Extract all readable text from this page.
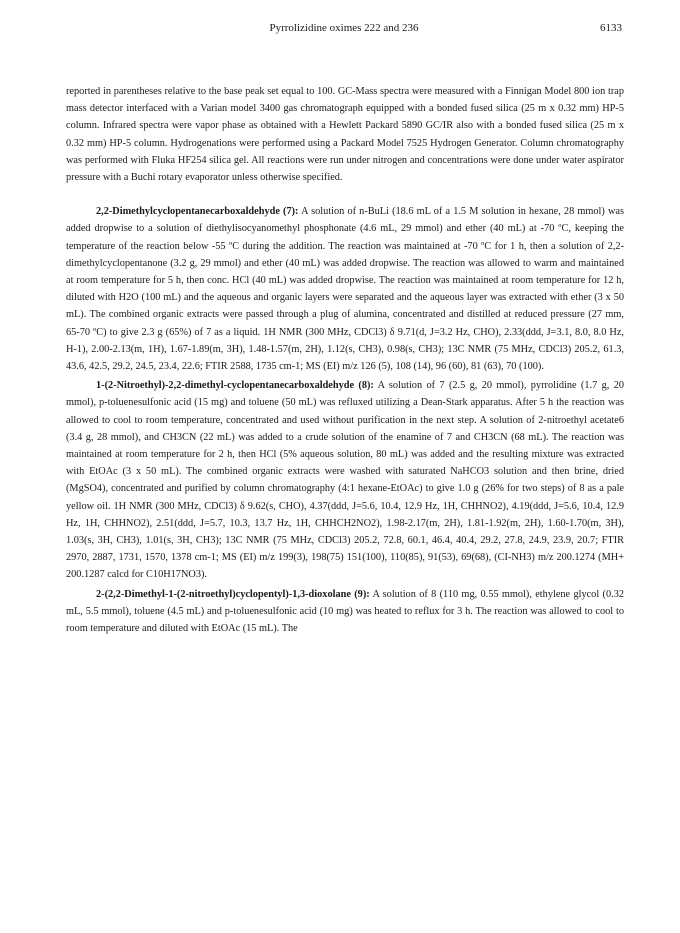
Pyrrolizidine oximes 222 and 236	6133

reported in parentheses relative to the base peak set equal to 100. GC-Mass spectra were measured with a Finnigan Model 800 ion trap mass detector interfaced with a Varian model 3400 gas chromatograph equipped with a bonded fused silica (25 m x 0.32 mm) HP-5 column. Infrared spectra were vapor phase as obtained with a Hewlett Packard 5890 GC/IR also with a bonded fused silica (25 m x 0.32 mm) HP-5 column. Hydrogenations were performed using a Packard Model 7525 Hydrogen Generator. Column chromatography was performed with Fluka HF254 silica gel. All reactions were run under nitrogen and concentrations were done under water aspirator pressure with a Buchi rotary evaporator unless otherwise specified.

2,2-Dimethylcyclopentanecarboxaldehyde (7): A solution of n-BuLi (18.6 mL of a 1.5 M solution in hexane, 28 mmol) was added dropwise to a solution of diethylisocyanomethyl phosphonate (4.6 mL, 29 mmol) and ether (40 mL) at -70 ºC, keeping the temperature of the reaction below -55 ºC during the addition. The reaction was maintained at -70 ºC for 1 h, then a solution of 2,2-dimethylcyclopentanone (3.2 g, 29 mmol) and ether (40 mL) was added dropwise. The reaction was allowed to warm and maintained at room temperature for 5 h, then conc. HCl (40 mL) was added dropwise. The reaction was maintained at room temperature for 12 h, diluted with H2O (100 mL) and the aqueous and organic layers were separated and the aqueous layer was extracted with ether (3 x 50 mL). The combined organic extracts were passed through a plug of alumina, concentrated and distilled at reduced pressure (27 mm, 65-70 ºC) to give 2.3 g (65%) of 7 as a liquid. 1H NMR (300 MHz, CDCl3) δ 9.71(d, J=3.2 Hz, CHO), 2.33(ddd, J=3.1, 8.0, 8.0 Hz, H-1), 2.00-2.13(m, 1H), 1.67-1.89(m, 3H), 1.48-1.57(m, 2H), 1.12(s, CH3), 0.98(s, CH3); 13C NMR (75 MHz, CDCl3) 205.2, 61.3, 43.6, 42.5, 29.2, 24.5, 23.4, 22.6; FTIR 2588, 1735 cm-1; MS (EI) m/z 126 (5), 108 (14), 96 (60), 81 (63), 70 (100).

1-(2-Nitroethyl)-2,2-dimethyl-cyclopentanecarboxaldehyde (8): A solution of 7 (2.5 g, 20 mmol), pyrrolidine (1.7 g, 20 mmol), p-toluenesulfonic acid (15 mg) and toluene (50 mL) was refluxed utilizing a Dean-Stark apparatus. After 5 h the reaction was allowed to cool to room temperature, concentrated and used without purification in the next step. A solution of 2-nitroethyl acetate6 (3.4 g, 28 mmol), and CH3CN (22 mL) was added to a crude solution of the enamine of 7 and CH3CN (68 mL). The reaction was maintained at room temperature for 2 h, then HCl (5% aqueous solution, 80 mL) was added and the resulting mixture was extracted with EtOAc (3 x 50 mL). The combined organic extracts were washed with saturated NaHCO3 solution and then brine, dried (MgSO4), concentrated and purified by column chromatography (4:1 hexane-EtOAc) to give 1.0 g (26% for two steps) of 8 as a pale yellow oil. 1H NMR (300 MHz, CDCl3) δ 9.62(s, CHO), 4.37(ddd, J=5.6, 10.4, 12.9 Hz, 1H, CHHNO2), 4.19(ddd, J=5.6, 10.4, 12.9 Hz, 1H, CHHNO2), 2.51(ddd, J=5.7, 10.3, 13.7 Hz, 1H, CHHCH2NO2), 1.98-2.17(m, 2H), 1.81-1.92(m, 2H), 1.60-1.70(m, 3H), 1.03(s, 3H, CH3), 1.01(s, 3H, CH3); 13C NMR (75 MHz, CDCl3) 205.2, 72.8, 60.1, 46.4, 40.4, 29.2, 27.8, 24.9, 23.9, 20.7; FTIR 2970, 2887, 1731, 1570, 1378 cm-1; MS (EI) m/z 199(3), 198(75) 151(100), 110(85), 91(53), 69(68), (CI-NH3) m/z 200.1274 (MH+ 200.1287 calcd for C10H17NO3).

2-(2,2-Dimethyl-1-(2-nitroethyl)cyclopentyl)-1,3-dioxolane (9): A solution of 8 (110 mg, 0.55 mmol), ethylene glycol (0.32 mL, 5.5 mmol), toluene (4.5 mL) and p-toluenesulfonic acid (10 mg) was heated to reflux for 3 h. The reaction was allowed to cool to room temperature and diluted with EtOAc (15 mL). The
